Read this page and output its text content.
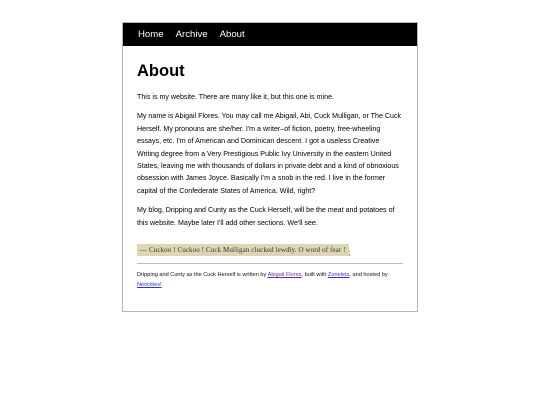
Home Archive About
About

This is my website. There are many like it, but this one is mine.

My name is Abigail Flores. You may call me Abigail, Abi, Cuck Mulligan, or The Cuck Herself. My pronouns are she/her. I'm a writer–of fiction, poetry, free-wheeling essays, etc. I'm of American and Dominican descent. I got a useless Creative Writing degree from a Very Prestigious Public Ivy University in the eastern United States, leaving me with thousands of dollars in private debt and a kind of obnoxious obsession with James Joyce. Basically I'm a snob in the red. I live in the former capital of the Confederate States of America. Wild, right?

My blog, Dripping and Cunty as the Cuck Herself, will be the meat and potatoes of this website. Maybe later I'll add other sections. We'll see.

— Cuckoo ! Cuckoo ! Cuck Mulligan clucked lewdly. O word of fear ! ;
Dripping and Cunty as the Cuck Herself is written by Abigail Flores, built with Zonelets, and hosted by Neocities!
